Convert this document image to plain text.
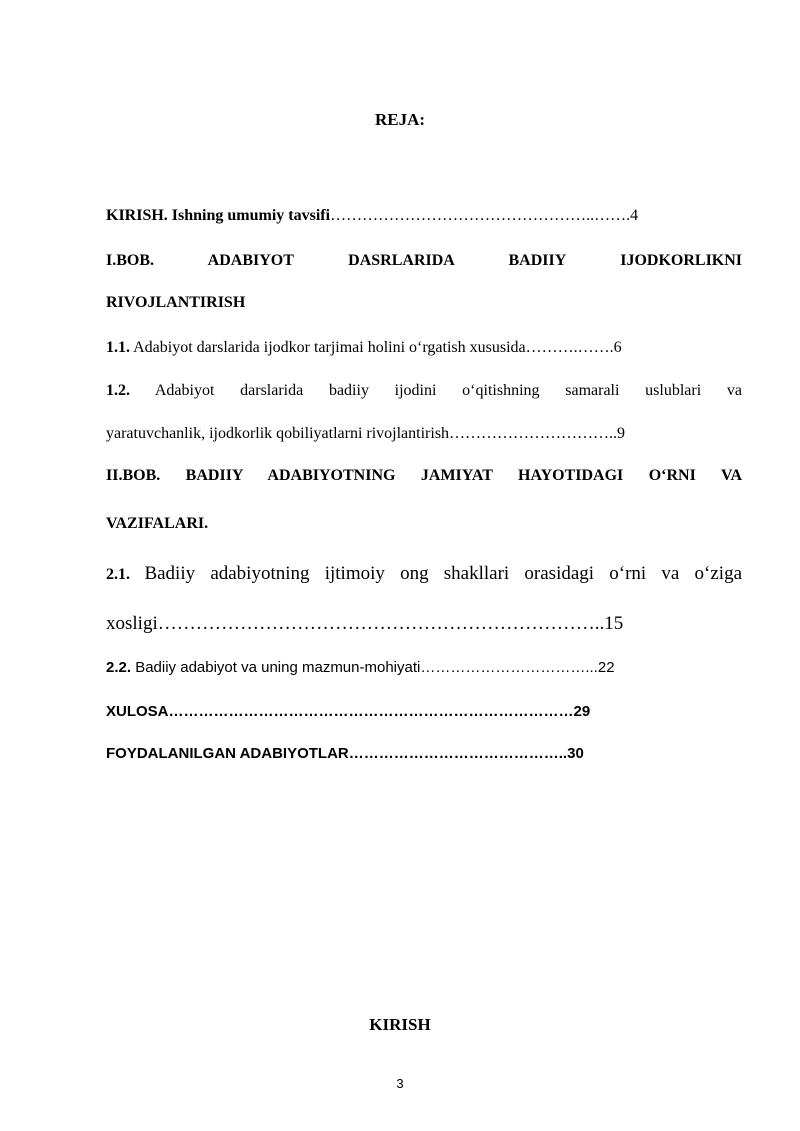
REJA:
KIRISH. Ishning umumiy tavsifi…………………………………………..…….4
I.BOB.	ADABIYOT	DASRLARIDA	BADIIY	IJODKORLIKNI
RIVOJLANTIRISH
1.1. Adabiyot darslarida ijodkor tarjimai holini o‘rgatish xususida……….…….6
1.2. Adabiyot darslarida badiiy ijodini o‘qitishning samarali uslublari va
yaratuvchanlik, ijodkorlik qobiliyatlarni rivojlantirish…………………………..9
II.BOB. BADIIY ADABIYOTNING JAMIYAT HAYOTIDAGI O‘RNI VA
VAZIFALARI.
2.1. Badiiy adabiyotning ijtimoiy ong shakllari orasidagi o‘rni va o‘ziga
xosligi……………………………………………………………..15
2.2. Badiiy adabiyot va uning mazmun-mohiyati……………………………...22
XULOSA………………………………………………………………………29
FOYDALANILGAN ADABIYOTLAR……………………………………..30
KIRISH
3
